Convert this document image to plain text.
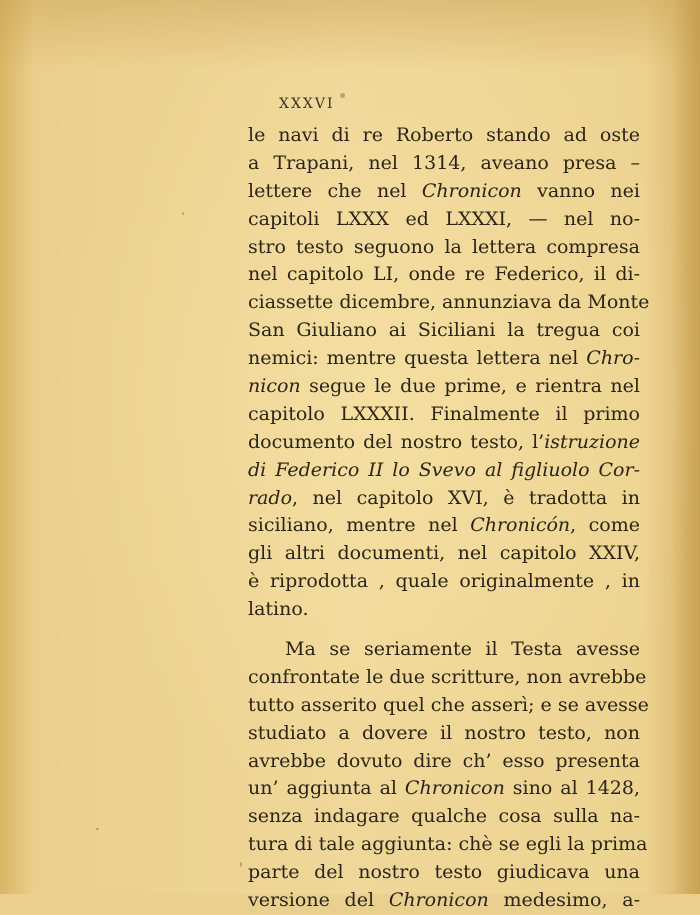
XXXVI
le navi di re Roberto stando ad oste
a Trapani, nel 1314, aveano presa –
lettere che nel Chronicon vanno nei
capitoli LXXX ed LXXXI, — nel no-
stro testo seguono la lettera compresa
nel capitolo LI, onde re Federico, il di-
ciassette dicembre, annunziava da Monte
San Giuliano ai Siciliani la tregua coi
nemici: mentre questa lettera nel Chro-
nicon segue le due prime, e rientra nel
capitolo LXXXII. Finalmente il primo
documento del nostro testo, l’istruzione
di Federico II lo Svevo al figliuolo Cor-
rado, nel capitolo XVI, è tradotta in
siciliano, mentre nel Chronicón, come
gli altri documenti, nel capitolo XXIV,
è riprodotta , quale originalmente , in
latino.
Ma se seriamente il Testa avesse
confrontate le due scritture, non avrebbe
tutto asserito quel che asserì; e se avesse
studiato a dovere il nostro testo, non
avrebbe dovuto dire ch’ esso presenta
un’ aggiunta al Chronicon sino al 1428,
senza indagare qualche cosa sulla na-
tura di tale aggiunta: chè se egli la prima
parte del nostro testo giudicava una
versione del Chronicon medesimo, a-
